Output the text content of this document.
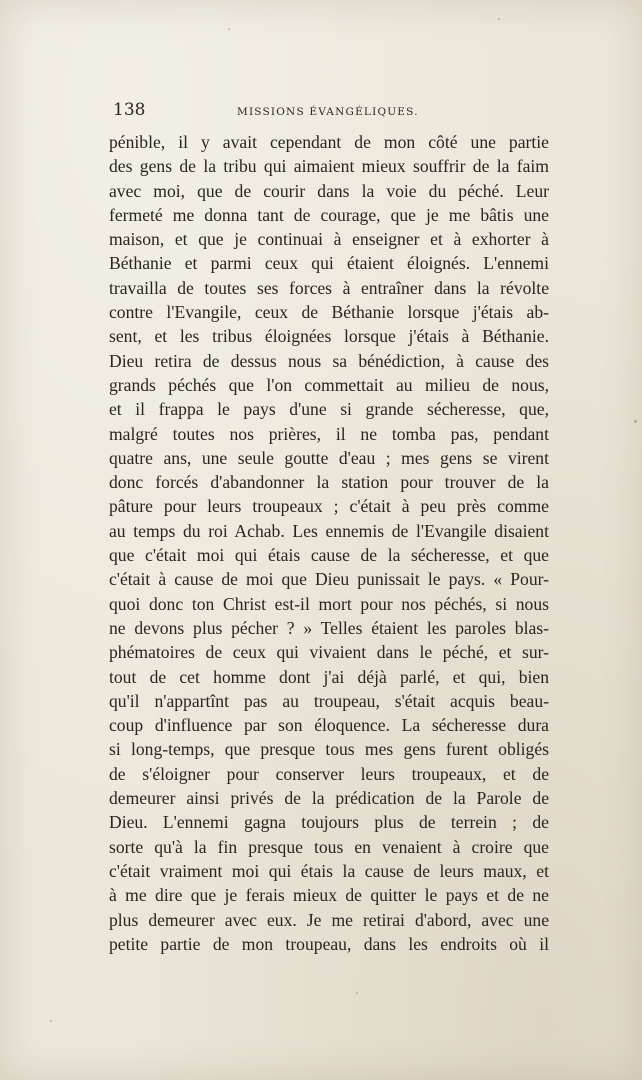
138	MISSIONS ÉVANGÉLIQUES.
pénible, il y avait cependant de mon côté une partie
des gens de la tribu qui aimaient mieux souffrir de la faim
avec moi, que de courir dans la voie du péché. Leur
fermeté me donna tant de courage, que je me bâtis une
maison, et que je continuai à enseigner et à exhorter à
Béthanie et parmi ceux qui étaient éloignés. L'ennemi
travailla de toutes ses forces à entraîner dans la révolte
contre l'Evangile, ceux de Béthanie lorsque j'étais ab-
sent, et les tribus éloignées lorsque j'étais à Béthanie.
Dieu retira de dessus nous sa bénédiction, à cause des
grands péchés que l'on commettait au milieu de nous,
et il frappa le pays d'une si grande sécheresse, que,
malgré toutes nos prières, il ne tomba pas, pendant
quatre ans, une seule goutte d'eau ; mes gens se virent
donc forcés d'abandonner la station pour trouver de la
pâture pour leurs troupeaux ; c'était à peu près comme
au temps du roi Achab. Les ennemis de l'Evangile disaient
que c'était moi qui étais cause de la sécheresse, et que
c'était à cause de moi que Dieu punissait le pays. « Pour-
quoi donc ton Christ est-il mort pour nos péchés, si nous
ne devons plus pécher ? » Telles étaient les paroles blas-
phématoires de ceux qui vivaient dans le péché, et sur-
tout de cet homme dont j'ai déjà parlé, et qui, bien
qu'il n'appartînt pas au troupeau, s'était acquis beau-
coup d'influence par son éloquence. La sécheresse dura
si long-temps, que presque tous mes gens furent obligés
de s'éloigner pour conserver leurs troupeaux, et de
demeurer ainsi privés de la prédication de la Parole de
Dieu. L'ennemi gagna toujours plus de terrein ; de
sorte qu'à la fin presque tous en venaient à croire que
c'était vraiment moi qui étais la cause de leurs maux, et
à me dire que je ferais mieux de quitter le pays et de ne
plus demeurer avec eux. Je me retirai d'abord, avec une
petite partie de mon troupeau, dans les endroits où il
